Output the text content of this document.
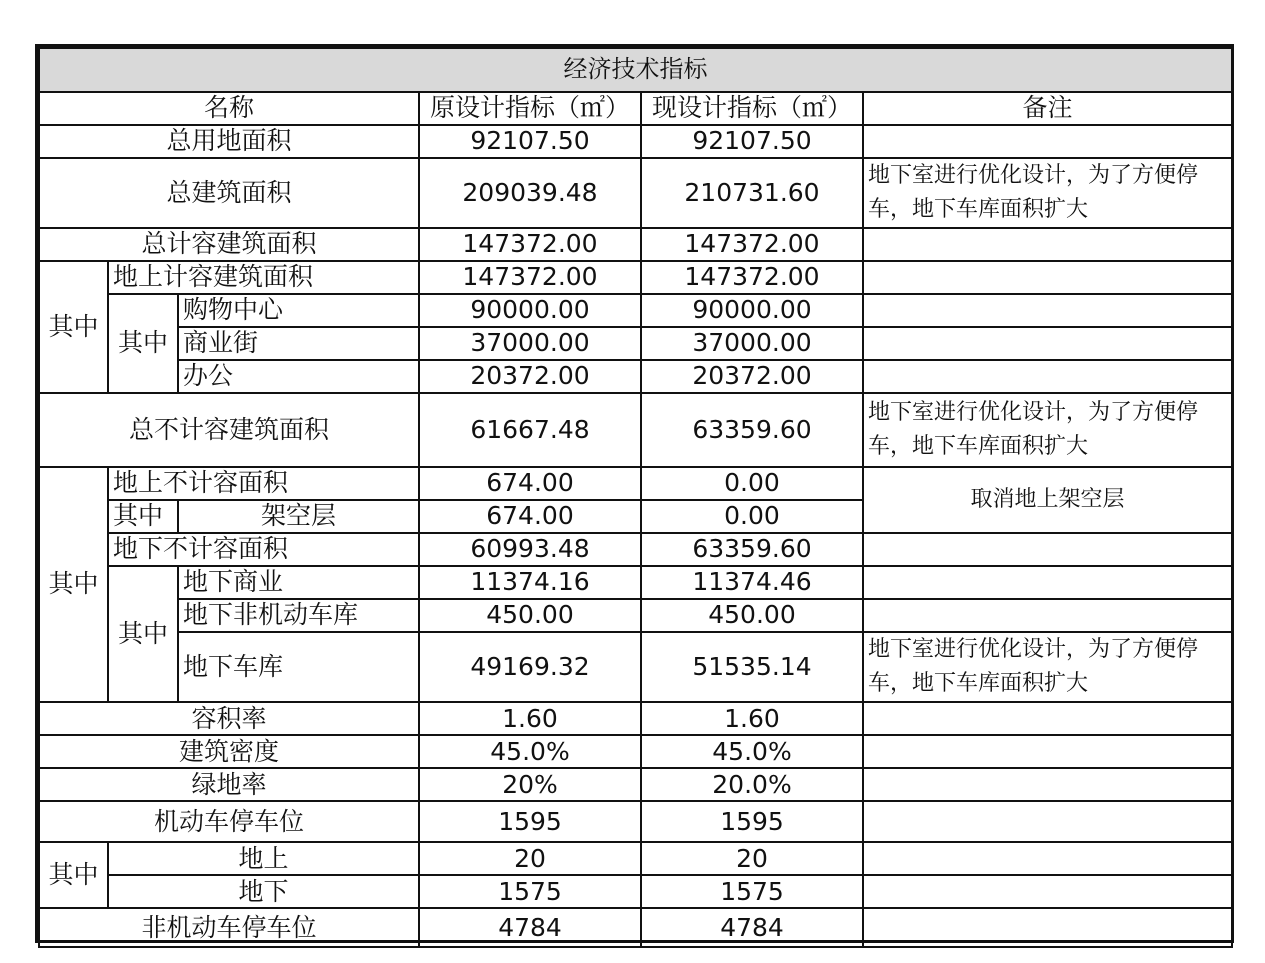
经济技术指标					
名称			原设计指标（㎡）	现设计指标（㎡）	备注
总用地面积			92107.50	92107.50	
总建筑面积			209039.48	210731.60	地下室进行优化设计，为了方便停车，地下车库面积扩大
总计容建筑面积			147372.00	147372.00	
其中	地上计容建筑面积		147372.00	147372.00	
	其中	购物中心	90000.00	90000.00	
		商业街	37000.00	37000.00	
		办公	20372.00	20372.00	
总不计容建筑面积			61667.48	63359.60	地下室进行优化设计，为了方便停车，地下车库面积扩大
其中	地上不计容面积		674.00	0.00	取消地上架空层
	其中	架空层	674.00	0.00	
	地下不计容面积		60993.48	63359.60	
	其中	地下商业	11374.16	11374.46	
		地下非机动车库	450.00	450.00	
		地下车库	49169.32	51535.14	地下室进行优化设计，为了方便停车，地下车库面积扩大
容积率			1.60	1.60	
建筑密度			45.0%	45.0%	
绿地率			20%	20.0%	
机动车停车位			1595	1595	
其中	地上		20	20	
	地下		1575	1575	
非机动车停车位			4784	4784	
